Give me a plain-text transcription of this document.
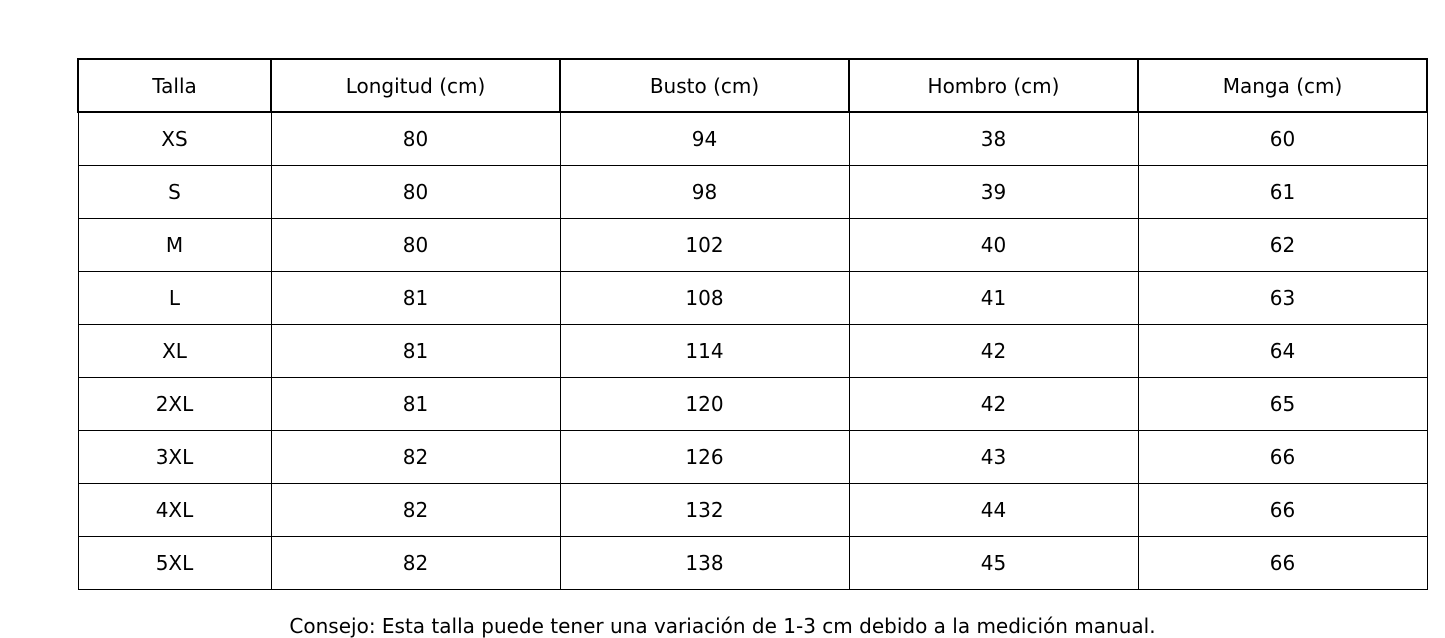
Talla	Longitud (cm)	Busto (cm)	Hombro (cm)	Manga (cm)
XS	80	94	38	60
S	80	98	39	61
M	80	102	40	62
L	81	108	41	63
XL	81	114	42	64
2XL	81	120	42	65
3XL	82	126	43	66
4XL	82	132	44	66
5XL	82	138	45	66
Consejo: Esta talla puede tener una variación de 1-3 cm debido a la medición manual.
